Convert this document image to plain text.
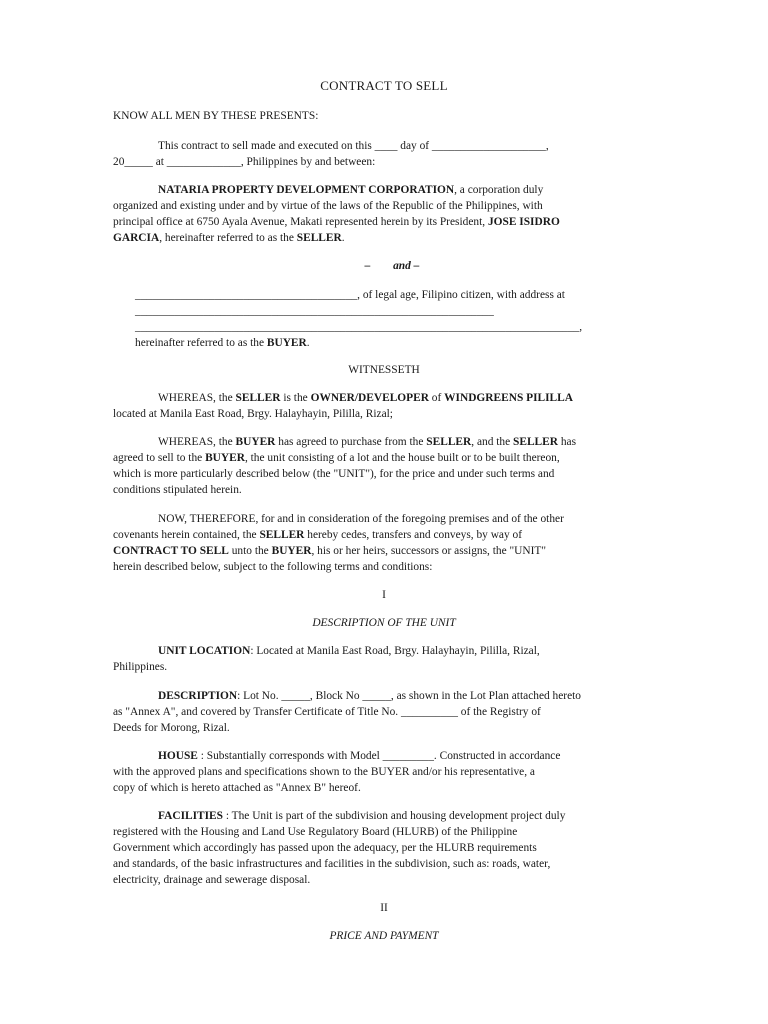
CONTRACT TO SELL
KNOW ALL MEN BY THESE PRESENTS:
This contract to sell made and executed on this ____ day of ____________________,
20_____ at _____________, Philippines by and between:
NATARIA PROPERTY DEVELOPMENT CORPORATION, a corporation duly
organized and existing under and by virtue of the laws of the Republic of the Philippines, with
principal office at 6750 Ayala Avenue, Makati represented herein by its President, JOSE ISIDRO
GARCIA, hereinafter referred to as the SELLER.
–        and –
_______________________________________, of legal age, Filipino citizen, with address at
_______________________________________________________________
______________________________________________________________________________,
hereinafter referred to as the BUYER.
WITNESSETH
WHEREAS, the SELLER is the OWNER/DEVELOPER of WINDGREENS PILILLA
located at Manila East Road, Brgy. Halayhayin, Pililla, Rizal;
WHEREAS, the BUYER has agreed to purchase from the SELLER, and the SELLER has
agreed to sell to the BUYER, the unit consisting of a lot and the house built or to be built thereon,
which is more particularly described below (the "UNIT"), for the price and under such terms and
conditions stipulated herein.
NOW, THEREFORE, for and in consideration of the foregoing premises and of the other
covenants herein contained, the SELLER hereby cedes, transfers and conveys, by way of
CONTRACT TO SELL unto the BUYER, his or her heirs, successors or assigns, the "UNIT"
herein described below, subject to the following terms and conditions:
I
DESCRIPTION OF THE UNIT
UNIT LOCATION: Located at Manila East Road, Brgy. Halayhayin, Pililla, Rizal,
Philippines.
DESCRIPTION: Lot No. _____, Block No _____, as shown in the Lot Plan attached hereto
as "Annex A", and covered by Transfer Certificate of Title No. __________ of the Registry of
Deeds for Morong, Rizal.
HOUSE : Substantially corresponds with Model _________. Constructed in accordance
with the approved plans and specifications shown to the BUYER and/or his representative, a
copy of which is hereto attached as "Annex B" hereof.
FACILITIES : The Unit is part of the subdivision and housing development project duly
registered with the Housing and Land Use Regulatory Board (HLURB) of the Philippine
Government which accordingly has passed upon the adequacy, per the HLURB requirements
and standards, of the basic infrastructures and facilities in the subdivision, such as: roads, water,
electricity, drainage and sewerage disposal.
II
PRICE AND PAYMENT
